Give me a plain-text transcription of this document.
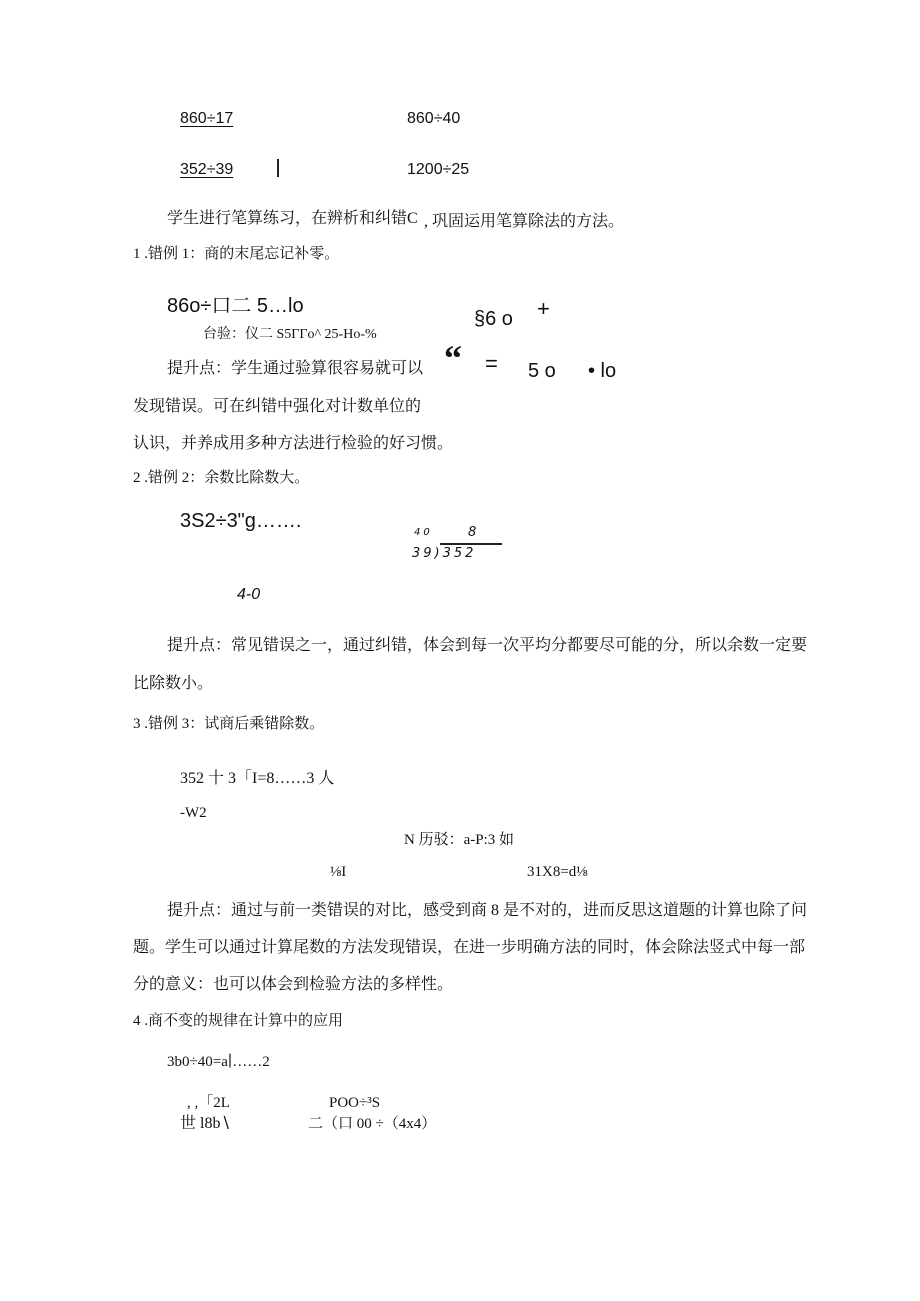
860÷17	860÷40
352÷39	1200÷25
学生进行笔算练习，在辨析和纠错C , 巩固运用笔算除法的方法。
1 .错例 1：商的末尾忘记补零。
86o÷口二 5…lo
台验：仪二 S5ΓΓo^ 25-Ho-%
§6 o +
“ = 5 o • lo
提升点：学生通过验算很容易就可以
发现错误。可在纠错中强化对计数单位的
认识，并养成用多种方法进行检验的好习惯。
2 .错例 2：余数比除数大。
3S2÷3"g…….
40	8
39)352
4-0
提升点：常见错误之一，通过纠错，体会到每一次平均分都要尽可能的分，所以余数一定要
比除数小。
3 .错例 3：试商后乘错除数。
352 十 3「I=8……3 人
-W2
N 历驳：a-P:3 如
⅛I	31X8=d⅛
提升点：通过与前一类错误的对比，感受到商 8 是不对的，进而反思这道题的计算也除了问
题。学生可以通过计算尾数的方法发现错误，在进一步明确方法的同时，体会除法竖式中每一部
分的意义：也可以体会到检验方法的多样性。
4 .商不变的规律在计算中的应用
3b0÷40=a∣……2
, ,「2L	POO÷³S
世 l8b∖	二（口 00 ÷（4x4）
